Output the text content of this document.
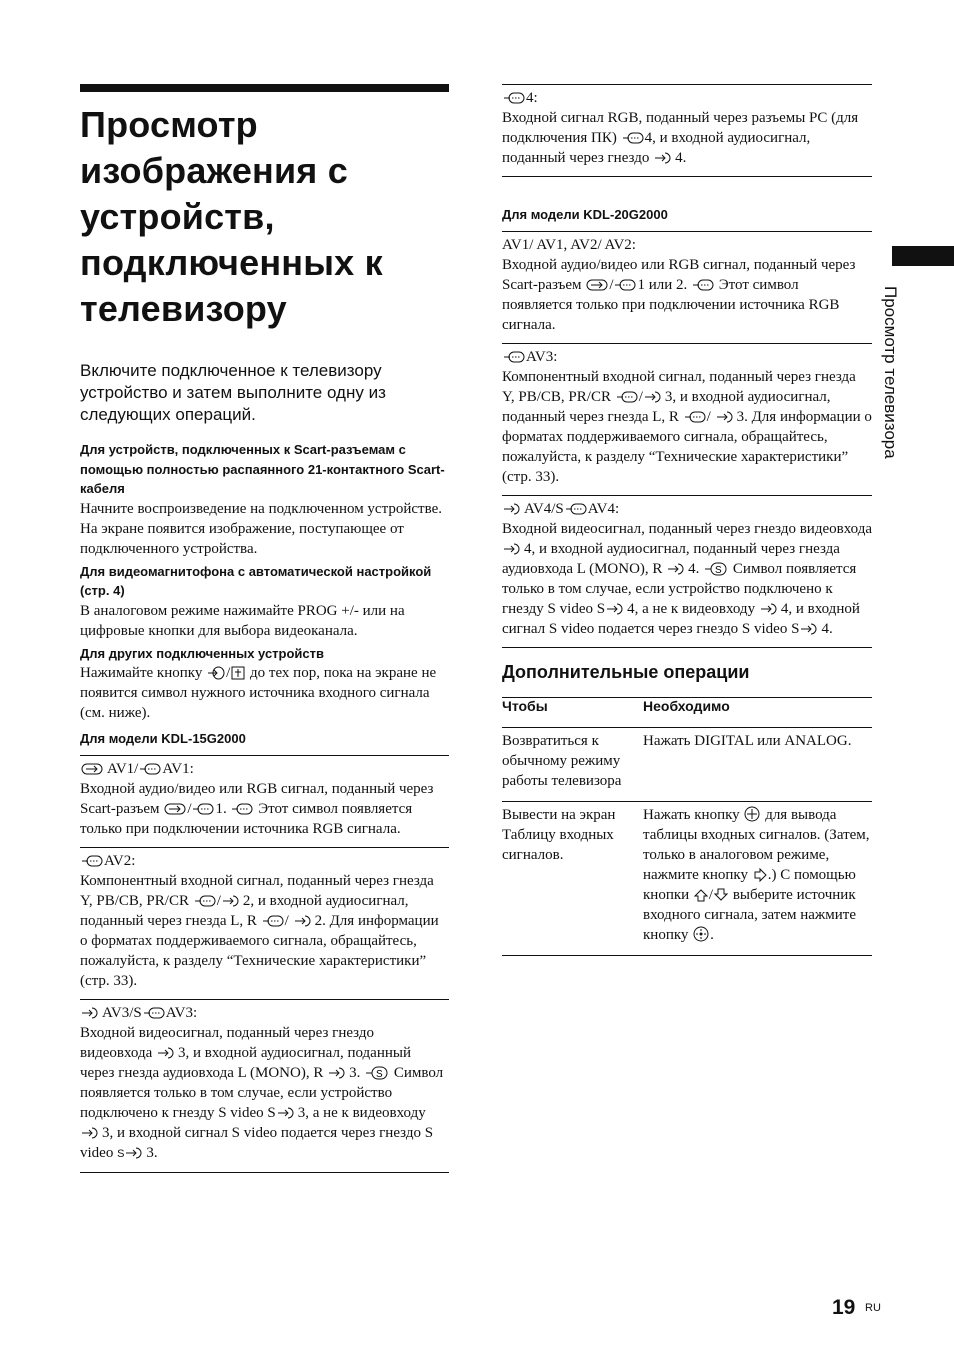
Просмотр изображения с устройств, подключенных к телевизору
Включите подключенное к телевизору устройство и затем выполните одну из следующих операций.
Для устройств, подключенных к Scart-разъемам с помощью полностью распаянного 21-контактного Scart-кабеля
Начните воспроизведение на подключенном устройстве.
На экране появится изображение, поступающее от подключенного устройства.
Для видеомагнитофона с автоматической настройкой (стр. 4)
В аналоговом режиме нажимайте PROG +/- или на цифровые кнопки для выбора видеоканала.
Для других подключенных устройств
Нажимайте кнопку / до тех пор, пока на экране не появится символ нужного источника входного сигнала (см. ниже).
Для модели KDL-15G2000
AV1/ AV1:
Входной аудио/видео или RGB сигнал, поданный через Scart-разъем / 1. Этот символ появляется только при подключении источника RGB сигнала.
AV2:
Компонентный входной сигнал, поданный через гнезда Y, PB/CB, PR/CR / 2, и входной аудиосигнал, поданный через гнезда L, R / 2. Для информации о форматах поддерживаемого сигнала, обращайтесь, пожалуйста, к разделу “Технические характеристики” (стр. 33).
AV3/S AV3:
Входной видеосигнал, поданный через гнездо видеовхода 3, и входной аудиосигнал, поданный через гнезда аудиовхода L (MONO), R 3. S Символ появляется только в том случае, если устройство подключено к гнезду S video S 3, а не к видеовходу 3, и входной сигнал S video подается через гнездо S video S 3.
4:
Входной сигнал RGB, поданный через разъемы PC (для подключения ПК) 4, и входной аудиосигнал, поданный через гнездо 4.
Для модели KDL-20G2000
AV1/ AV1, AV2/ AV2:
Входной аудио/видео или RGB сигнал, поданный через Scart-разъем / 1 или 2. Этот символ появляется только при подключении источника RGB сигнала.
AV3:
Компонентный входной сигнал, поданный через гнезда Y, PB/CB, PR/CR / 3, и входной аудиосигнал, поданный через гнезда L, R / 3. Для информации о форматах поддерживаемого сигнала, обращайтесь, пожалуйста, к разделу “Технические характеристики” (стр. 33).
AV4/S AV4:
Входной видеосигнал, поданный через гнездо видеовхода 4, и входной аудиосигнал, поданный через гнезда аудиовхода L (MONO), R 4. S Символ появляется только в том случае, если устройство подключено к гнезду S video S 4, а не к видеовходу 4, и входной сигнал S video подается через гнездо S video S 4.
Дополнительные операции
Чтобы	Необходимо
Возвратиться к обычному режиму работы телевизора	Нажать DIGITAL или ANALOG.
Вывести на экран Таблицу входных сигналов.	Нажать кнопку для вывода таблицы входных сигналов. (Затем, только в аналоговом режиме, нажмите кнопку .) С помощью кнопки / выберите источник входного сигнала, затем нажмите кнопку .
Просмотр телевизора
19 RU
